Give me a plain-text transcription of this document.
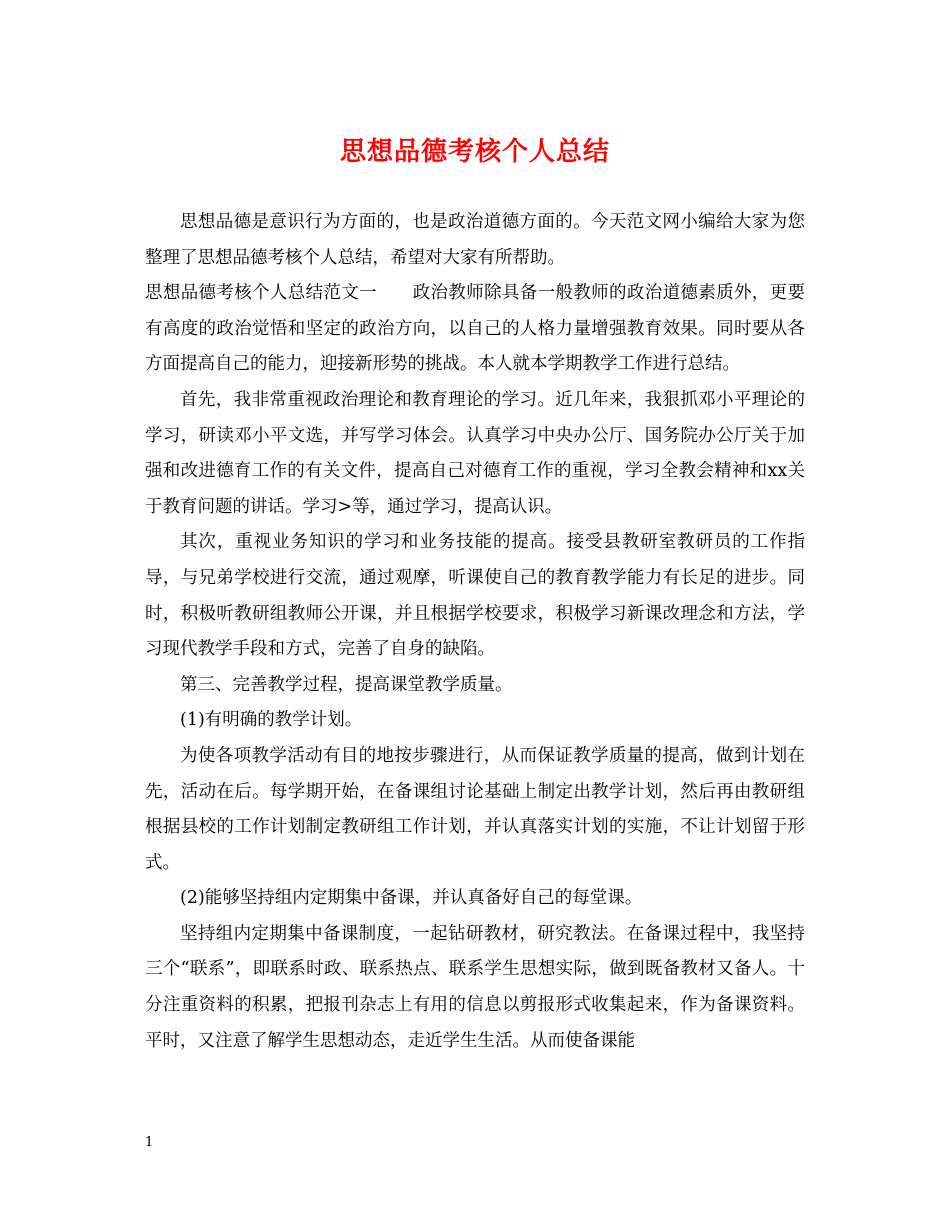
思想品德考核个人总结

思想品德是意识行为方面的，也是政治道德方面的。今天范文网小编给大家为您整理了思想品德考核个人总结，希望对大家有所帮助。

思想品德考核个人总结范文一　　政治教师除具备一般教师的政治道德素质外，更要有高度的政治觉悟和坚定的政治方向，以自己的人格力量增强教育效果。同时要从各方面提高自己的能力，迎接新形势的挑战。本人就本学期教学工作进行总结。

首先，我非常重视政治理论和教育理论的学习。近几年来，我狠抓邓小平理论的学习，研读邓小平文选，并写学习体会。认真学习中央办公厅、国务院办公厅关于加强和改进德育工作的有关文件，提高自己对德育工作的重视，学习全教会精神和xx关于教育问题的讲话。学习>等，通过学习，提高认识。

其次，重视业务知识的学习和业务技能的提高。接受县教研室教研员的工作指导，与兄弟学校进行交流，通过观摩，听课使自己的教育教学能力有长足的进步。同时，积极听教研组教师公开课，并且根据学校要求，积极学习新课改理念和方法，学习现代教学手段和方式，完善了自身的缺陷。

第三、完善教学过程，提高课堂教学质量。

(1)有明确的教学计划。

为使各项教学活动有目的地按步骤进行，从而保证教学质量的提高，做到计划在先，活动在后。每学期开始，在备课组讨论基础上制定出教学计划，然后再由教研组根据县校的工作计划制定教研组工作计划，并认真落实计划的实施，不让计划留于形式。

(2)能够坚持组内定期集中备课，并认真备好自己的每堂课。

坚持组内定期集中备课制度，一起钻研教材，研究教法。在备课过程中，我坚持三个“联系”，即联系时政、联系热点、联系学生思想实际，做到既备教材又备人。十分注重资料的积累，把报刊杂志上有用的信息以剪报形式收集起来，作为备课资料。平时，又注意了解学生思想动态，走近学生生活。从而使备课能

1
